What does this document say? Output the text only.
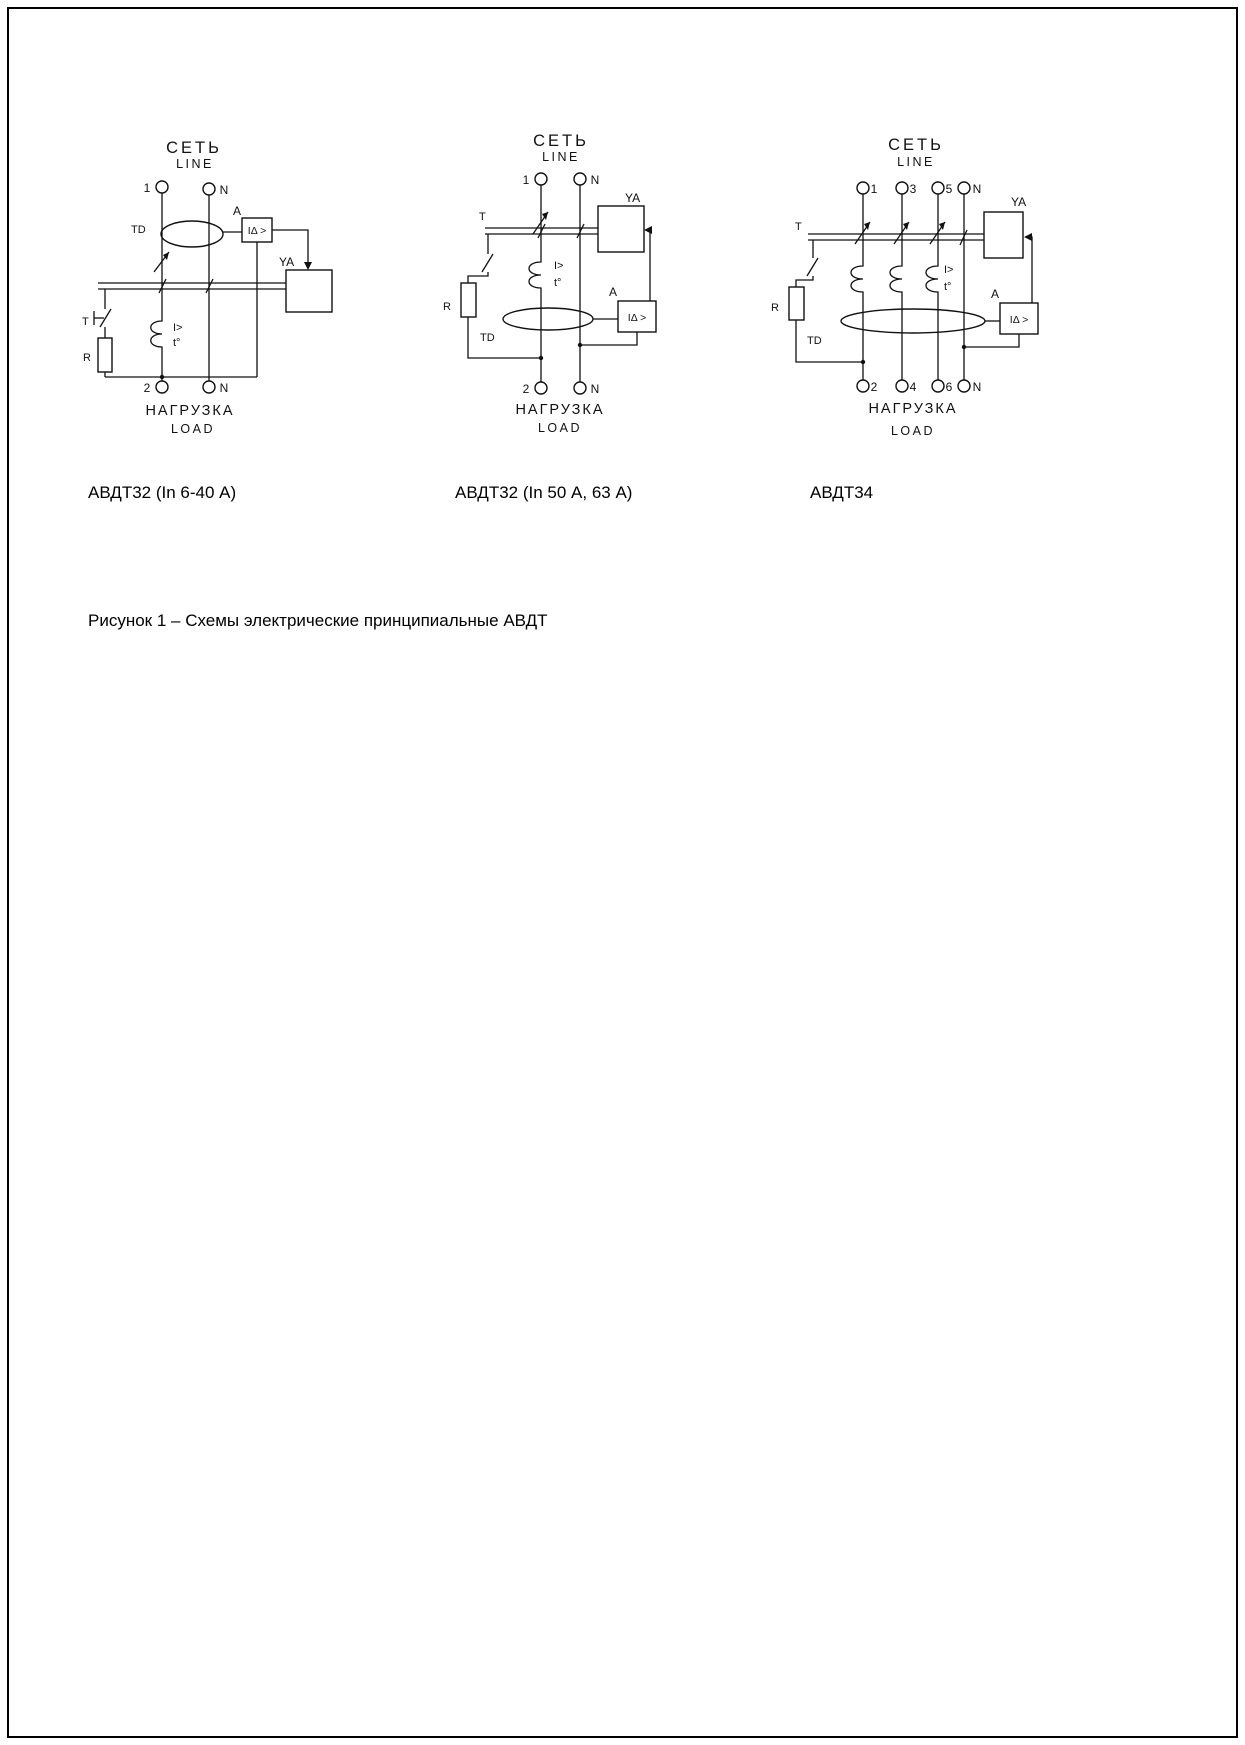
СЕТЬ
LINE
TD
A
IΔ >
YA
I>
t°
T
R
1	N
2	N
НАГРУЗКА
LOAD
СЕТЬ
LINE
YA
T
R
I>
t°
TD
A
IΔ >
1	N
2	N
НАГРУЗКА
LOAD
СЕТЬ
LINE
YA
T
R
I>
t°
TD
A
IΔ >
1	3 5 N
2	4 6 N
НАГРУЗКА
LOAD
АВДТ32 (In 6-40 А)	АВДТ32 (In 50 А, 63 А)	АВДТ34
Рисунок 1 – Схемы электрические принципиальные АВДТ
